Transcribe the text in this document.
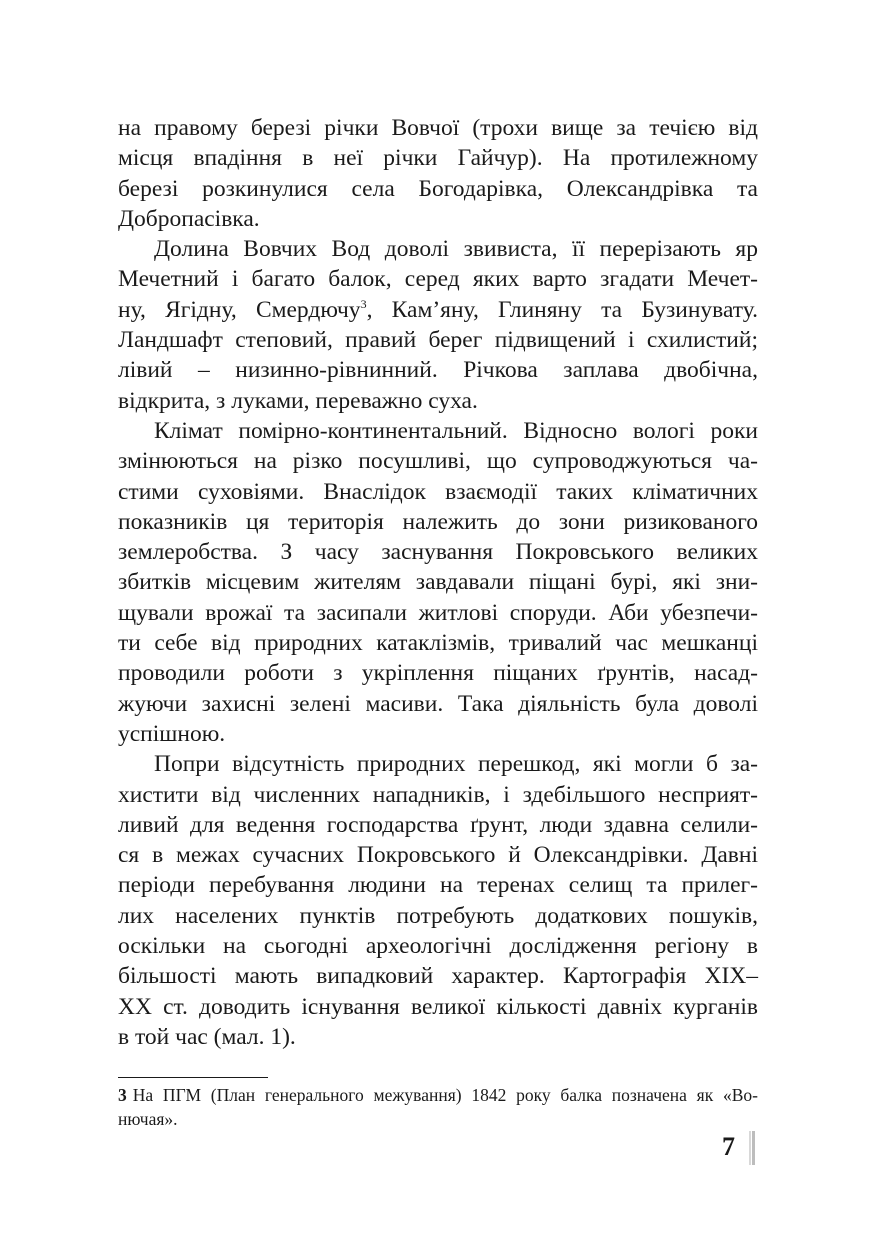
на правому березі річки Вовчої (трохи вище за течією від
місця впадіння в неї річки Гайчур). На протилежному
березі розкинулися села Богодарівка, Олександрівка та
Добропасівка.

Долина Вовчих Вод доволі звивиста, її перерізають яр
Мечетний і багато балок, серед яких варто згадати Мечет-
ну, Ягідну, Смердючу$^3$, Кам’яну, Глиняну та Бузинувату.
Ландшафт степовий, правий берег підвищений і схилистий;
лівий – низинно-рівнинний. Річкова заплава двобічна,
відкрита, з луками, переважно суха.

Клімат помірно-континентальний. Відносно вологі роки
змінюються на різко посушливі, що супроводжуються ча-
стими суховіями. Внаслідок взаємодії таких кліматичних
показників ця територія належить до зони ризикованого
землеробства. З часу заснування Покровського великих
збитків місцевим жителям завдавали піщані бурі, які зни-
щували врожаї та засипали житлові споруди. Аби убезпечи-
ти себе від природних катаклізмів, тривалий час мешканці
проводили роботи з укріплення піщаних ґрунтів, насад-
жуючи захисні зелені масиви. Така діяльність була доволі
успішною.

Попри відсутність природних перешкод, які могли б за-
хистити від численних нападників, і здебільшого несприят-
ливий для ведення господарства ґрунт, люди здавна селили-
ся в межах сучасних Покровського й Олександрівки. Давні
періоди перебування людини на теренах селищ та прилег-
лих населених пунктів потребують додаткових пошуків,
оскільки на сьогодні археологічні дослідження регіону в
більшості мають випадковий характер. Картографія ХІХ–
ХХ ст. доводить існування великої кількості давніх курганів
в той час (мал. 1).

3 На ПГМ (План генерального межування) 1842 року балка позначена як «Во-
нючая».
7
